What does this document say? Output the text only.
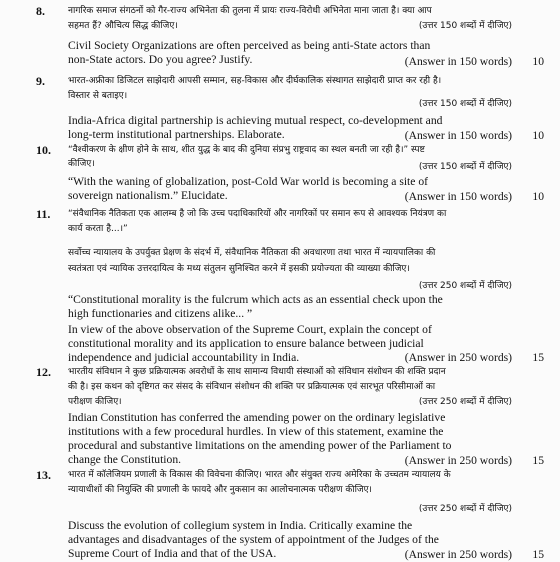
8.	नागरिक समाज संगठनों को गैर-राज्य अभिनेता की तुलना में प्रायः राज्य-विरोधी अभिनेता माना जाता है। क्या आप
सहमत हैं? औचित्य सिद्ध कीजिए।	(उत्तर 150 शब्दों में दीजिए)
Civil Society Organizations are often perceived as being anti-State actors than
non-State actors. Do you agree? Justify.	(Answer in 150 words) 10
9.	भारत-अफ्रीका डिजिटल साझेदारी आपसी सम्मान, सह-विकास और दीर्घकालिक संस्थागत साझेदारी प्राप्त कर रही है।
विस्तार से बताइए।
(उत्तर 150 शब्दों में दीजिए)
India-Africa digital partnership is achieving mutual respect, co-development and
long-term institutional partnerships. Elaborate.	(Answer in 150 words) 10
10. “वैश्वीकरण के क्षीण होने के साथ, शीत युद्ध के बाद की दुनिया संप्रभु राष्ट्रवाद का स्थल बनती जा रही है।” स्पष्ट
कीजिए।	(उत्तर 150 शब्दों में दीजिए)
“With the waning of globalization, post-Cold War world is becoming a site of
sovereign nationalism.” Elucidate.	(Answer in 150 words) 10
11. “संवैधानिक नैतिकता एक आलम्ब है जो कि उच्च पदाधिकारियों और नागरिकों पर समान रूप से आवश्यक नियंत्रण का
कार्य करता है...।”
सर्वोच्च न्यायालय के उपर्युक्त प्रेक्षण के संदर्भ में, संवैधानिक नैतिकता की अवधारणा तथा भारत में न्यायपालिका की
स्वतंत्रता एवं न्यायिक उत्तरदायित्व के मध्य संतुलन सुनिश्चित करने में इसकी प्रयोज्यता की व्याख्या कीजिए।
(उत्तर 250 शब्दों में दीजिए)
“Constitutional morality is the fulcrum which acts as an essential check upon the
high functionaries and citizens alike... ”
In view of the above observation of the Supreme Court, explain the concept of
constitutional morality and its application to ensure balance between judicial
independence and judicial accountability in India.	(Answer in 250 words) 15
12. भारतीय संविधान ने कुछ प्रक्रियात्मक अवरोधों के साथ सामान्य विधायी संस्थाओं को संविधान संशोधन की शक्ति प्रदान
की है। इस कथन को दृष्टिगत कर संसद के संविधान संशोधन की शक्ति पर प्रक्रियात्मक एवं सारभूत परिसीमाओं का
परीक्षण कीजिए।	(उत्तर 250 शब्दों में दीजिए)
Indian Constitution has conferred the amending power on the ordinary legislative
institutions with a few procedural hurdles. In view of this statement, examine the
procedural and substantive limitations on the amending power of the Parliament to
change the Constitution.	(Answer in 250 words) 15
13. भारत में कॉलेजियम प्रणाली के विकास की विवेचना कीजिए। भारत और संयुक्त राज्य अमेरिका के उच्चतम न्यायालय के
न्यायाधीशों की नियुक्ति की प्रणाली के फायदे और नुकसान का आलोचनात्मक परीक्षण कीजिए।
(उत्तर 250 शब्दों में दीजिए)
Discuss the evolution of collegium system in India. Critically examine the
advantages and disadvantages of the system of appointment of the Judges of the
Supreme Court of India and that of the USA.	(Answer in 250 words) 15
